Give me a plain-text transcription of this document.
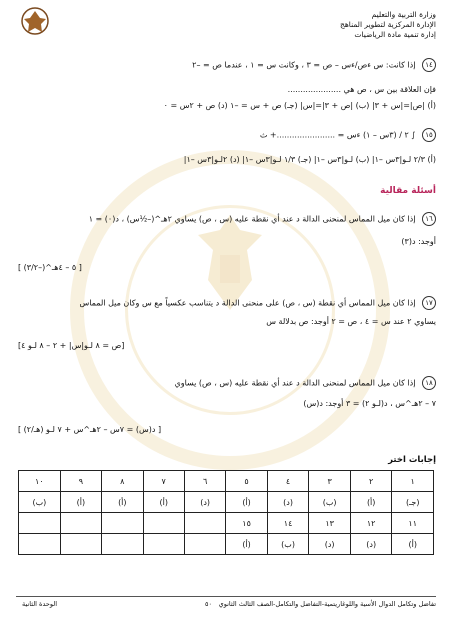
وزارة التربية والتعليم
الإدارة المركزية لتطوير المناهج
إدارة تنمية مادة الرياضيات
١٤ إذا كانت: س ءص/ءس – ص = ٣ ، وكانت س = ١ ، عندما ص = –٢
فإن العلاقة بين س ، ص هي .....................
(أ) |ص|=|س + ٣| (ب) |ص + ٣|=|س| (جـ) ص + س = –١ (د) ص + ٢س = ٠
١٥ ∫ ٢ / (٣س – ١) ءس = .......................+ ث
(أ) ٢/٣ لـو|٣س –١| (ب) لـو|٣س –١| (جـ) ١/٣ لـو|٣س –١| (د) ٢لـو|٣س –١|
أسئلة مقالية
١٦ إذا كان ميل المماس لمنحنى الدالة د عند أي نقطة عليه (س ، ص) يساوي ٢هـ^(–½س) ، د(٠) = ١
أوجد: د(٣)
[ ٥ – ٤هـ^(–٣/٢) ]
١٧ إذا كان ميل المماس أي نقطة (س ، ص) على منحنى الدالة د يتناسب عكسياً مع س وكان ميل المماس
يساوي ٢ عند س = ٤ ، ص = ٢ أوجد: ص بدلالة س
[ص = ٨ لـو|س| + ٢ – ٨ لـو ٤]
١٨ إذا كان ميل المماس لمنحنى الدالة د عند أي نقطة عليه (س ، ص) يساوي
٧ – ٢هـ^س ، د(لـو ٢) = ٣ أوجد: د(س)
[ د(س) = ٧س – ٢هـ^س + ٧ لـو (هـ/٢) ]
إجابات اختر
١	٢	٣	٤	٥	٦	٧	٨	٩	١٠
(جـ)	(أ)	(ب)	(د)	(أ)	(د)	(أ)	(أ)	(أ)	(ب)
١١	١٢	١٣	١٤	١٥					
(أ)	(د)	(د)	(ب)	(أ)					
تفاضل وتكامل الدوال الأسية واللوغاريتمية-التفاضل والتكامل-الصف الثالث الثانوي
٥٠
الوحدة الثانية
